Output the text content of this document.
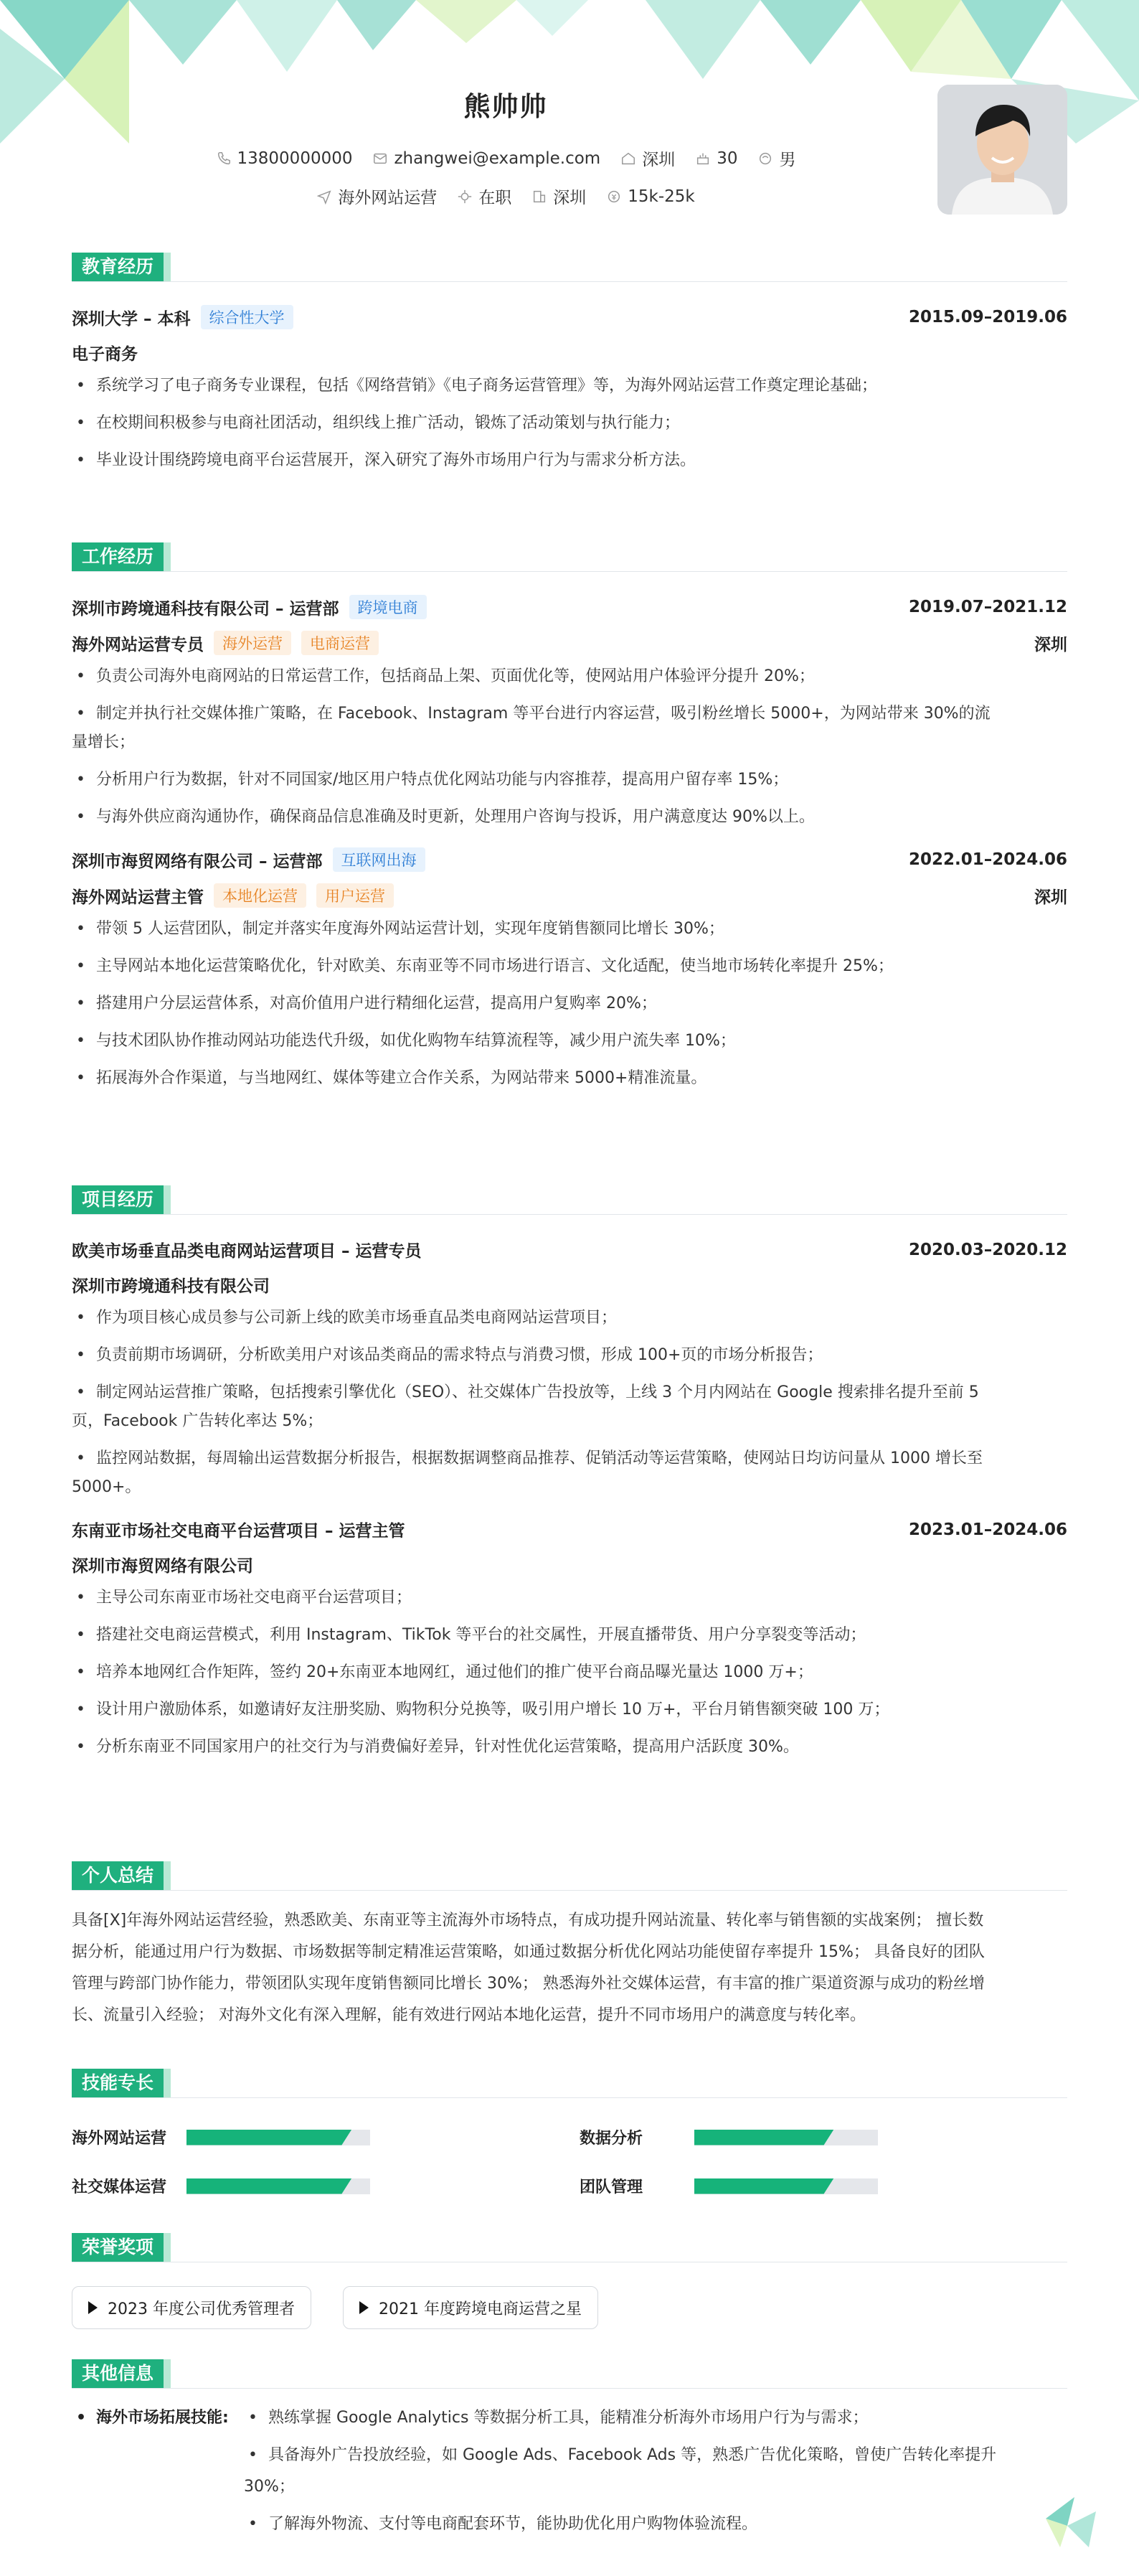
熊帅帅
13800000000	zhangwei@example.com	深圳	30	男
海外网站运营	在职	深圳	15k-25k
教育经历
深圳大学 – 本科	综合性大学	2015.09–2019.06
电子商务
• 系统学习了电子商务专业课程，包括《网络营销》《电子商务运营管理》等，为海外网站运营工作奠定理论基础；
• 在校期间积极参与电商社团活动，组织线上推广活动，锻炼了活动策划与执行能力；
• 毕业设计围绕跨境电商平台运营展开，深入研究了海外市场用户行为与需求分析方法。
工作经历
深圳市跨境通科技有限公司 – 运营部	跨境电商	2019.07–2021.12
海外网站运营专员	海外运营	电商运营	深圳
• 负责公司海外电商网站的日常运营工作，包括商品上架、页面优化等，使网站用户体验评分提升 20%；
• 制定并执行社交媒体推广策略，在 Facebook、Instagram 等平台进行内容运营，吸引粉丝增长 5000+，为网站带来 30%的流
量增长；
• 分析用户行为数据，针对不同国家/地区用户特点优化网站功能与内容推荐，提高用户留存率 15%；
• 与海外供应商沟通协作，确保商品信息准确及时更新，处理用户咨询与投诉，用户满意度达 90%以上。
深圳市海贸网络有限公司 – 运营部	互联网出海	2022.01–2024.06
海外网站运营主管	本地化运营	用户运营	深圳
• 带领 5 人运营团队，制定并落实年度海外网站运营计划，实现年度销售额同比增长 30%；
• 主导网站本地化运营策略优化，针对欧美、东南亚等不同市场进行语言、文化适配，使当地市场转化率提升 25%；
• 搭建用户分层运营体系，对高价值用户进行精细化运营，提高用户复购率 20%；
• 与技术团队协作推动网站功能迭代升级，如优化购物车结算流程等，减少用户流失率 10%；
• 拓展海外合作渠道，与当地网红、媒体等建立合作关系，为网站带来 5000+精准流量。
项目经历
欧美市场垂直品类电商网站运营项目 – 运营专员	2020.03–2020.12
深圳市跨境通科技有限公司
• 作为项目核心成员参与公司新上线的欧美市场垂直品类电商网站运营项目；
• 负责前期市场调研，分析欧美用户对该品类商品的需求特点与消费习惯，形成 100+页的市场分析报告；
• 制定网站运营推广策略，包括搜索引擎优化（SEO）、社交媒体广告投放等，上线 3 个月内网站在 Google 搜索排名提升至前 5
页，Facebook 广告转化率达 5%；
• 监控网站数据，每周输出运营数据分析报告，根据数据调整商品推荐、促销活动等运营策略，使网站日均访问量从 1000 增长至
5000+。
东南亚市场社交电商平台运营项目 – 运营主管	2023.01–2024.06
深圳市海贸网络有限公司
• 主导公司东南亚市场社交电商平台运营项目；
• 搭建社交电商运营模式，利用 Instagram、TikTok 等平台的社交属性，开展直播带货、用户分享裂变等活动；
• 培养本地网红合作矩阵，签约 20+东南亚本地网红，通过他们的推广使平台商品曝光量达 1000 万+；
• 设计用户激励体系，如邀请好友注册奖励、购物积分兑换等，吸引用户增长 10 万+，平台月销售额突破 100 万；
• 分析东南亚不同国家用户的社交行为与消费偏好差异，针对性优化运营策略，提高用户活跃度 30%。
个人总结
具备[X]年海外网站运营经验，熟悉欧美、东南亚等主流海外市场特点，有成功提升网站流量、转化率与销售额的实战案例； 擅长数
据分析，能通过用户行为数据、市场数据等制定精准运营策略，如通过数据分析优化网站功能使留存率提升 15%； 具备良好的团队
管理与跨部门协作能力，带领团队实现年度销售额同比增长 30%； 熟悉海外社交媒体运营，有丰富的推广渠道资源与成功的粉丝增
长、流量引入经验； 对海外文化有深入理解，能有效进行网站本地化运营，提升不同市场用户的满意度与转化率。
技能专长
海外网站运营	数据分析
社交媒体运营	团队管理
荣誉奖项
2023 年度公司优秀管理者	2021 年度跨境电商运营之星
其他信息
• 海外市场拓展技能:
•	熟练掌握 Google Analytics 等数据分析工具，能精准分析海外市场用户行为与需求；
• 具备海外广告投放经验，如 Google Ads、Facebook Ads 等，熟悉广告优化策略，曾使广告转化率提升
30%；
• 了解海外物流、支付等电商配套环节，能协助优化用户购物体验流程。
